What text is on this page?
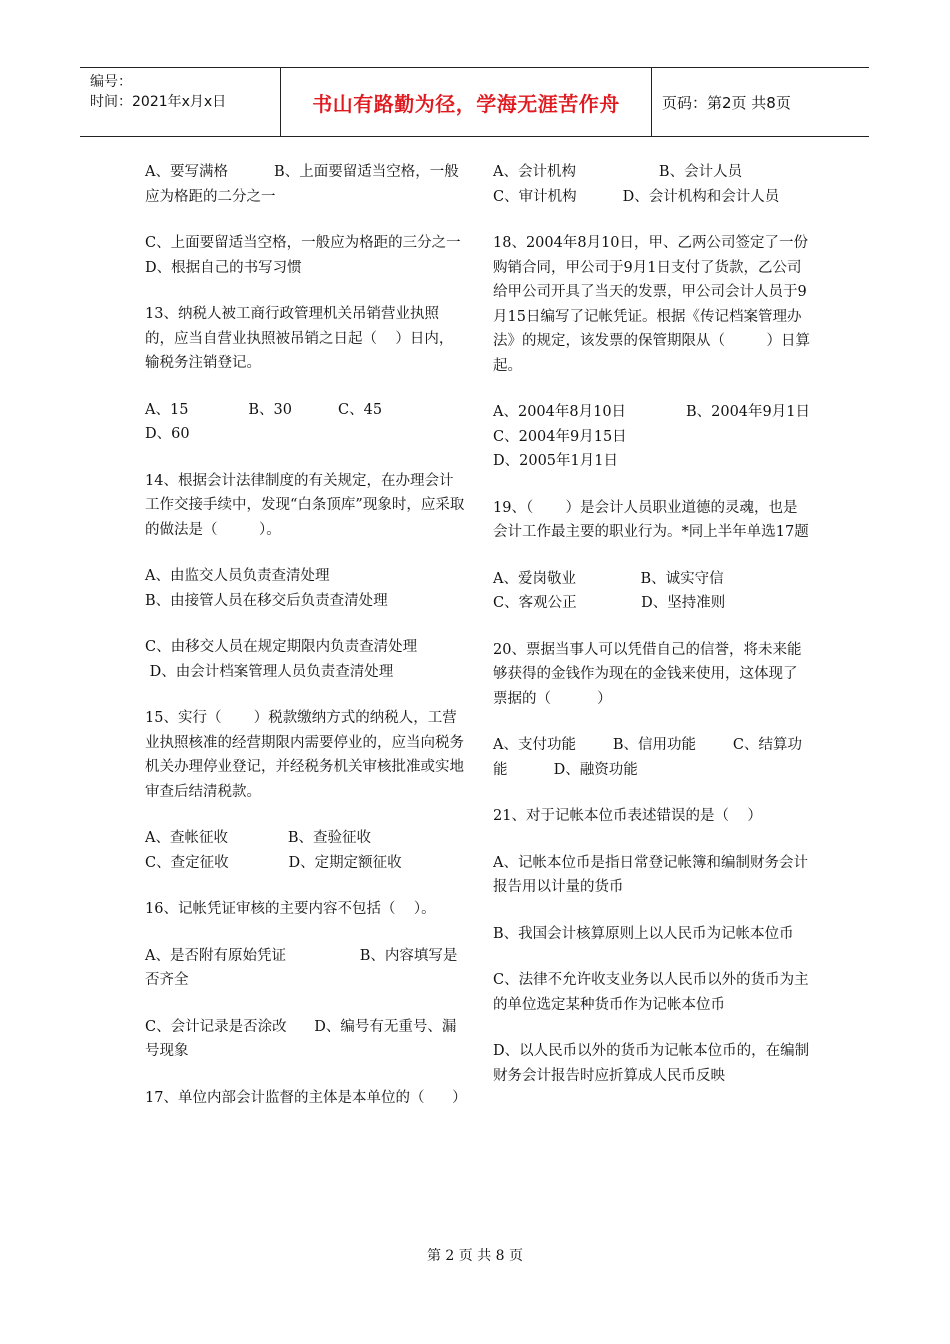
编号：
时间：2021年x月x日	书山有路勤为径，学海无涯苦作舟	页码：第2页 共8页

A、要写满格          B、上面要留适当空格，一般应为格距的二分之一

C、上面要留适当空格，一般应为格距的三分之一          D、根据自己的书写习惯

13、纳税人被工商行政管理机关吊销营业执照的，应当自营业执照被吊销之日起（    ）日内，输税务注销登记。

A、15             B、30          C、45
D、60

14、根据会计法律制度的有关规定，在办理会计工作交接手续中，发现“白条顶库”现象时，应采取的做法是（         ）。

A、由监交人员负责查清处理
B、由接管人员在移交后负责查清处理

C、由移交人员在规定期限内负责查清处理
D、由会计档案管理人员负责查清处理

15、实行（       ）税款缴纳方式的纳税人，工营业执照核准的经营期限内需要停业的，应当向税务机关办理停业登记，并经税务机关审核批准或实地审查后结清税款。

A、查帐征收             B、查验征收
C、查定征收             D、定期定额征收

16、记帐凭证审核的主要内容不包括（    ）。

A、是否附有原始凭证                B、内容填写是否齐全

C、会计记录是否涂改      D、编号有无重号、漏号现象

17、单位内部会计监督的主体是本单位的（      ）

A、会计机构                  B、会计人员          C、审计机构          D、会计机构和会计人员

18、2004年8月10日，甲、乙两公司签定了一份购销合同，甲公司于9月1日支付了货款，乙公司给甲公司开具了当天的发票，甲公司会计人员于9月15日编写了记帐凭证。根据《传记档案管理办法》的规定，该发票的保管期限从（         ）日算起。

A、2004年8月10日             B、2004年9月1日       C、2004年9月15日
D、2005年1月1日

19、（       ）是会计人员职业道德的灵魂，也是会计工作最主要的职业行为。*同上半年单选17题

A、爱岗敬业              B、诚实守信
C、客观公正              D、坚持准则

20、票据当事人可以凭借自己的信誉，将未来能够获得的金钱作为现在的金钱来使用，这体现了票据的（          ）

A、支付功能        B、信用功能        C、结算功能          D、融资功能

21、对于记帐本位币表述错误的是（    ）

A、记帐本位币是指日常登记帐簿和编制财务会计报告用以计量的货币

B、我国会计核算原则上以人民币为记帐本位币

C、法律不允许收支业务以人民币以外的货币为主的单位选定某种货币作为记帐本位币

D、以人民币以外的货币为记帐本位币的，在编制财务会计报告时应折算成人民币反映

第 2 页 共 8 页
